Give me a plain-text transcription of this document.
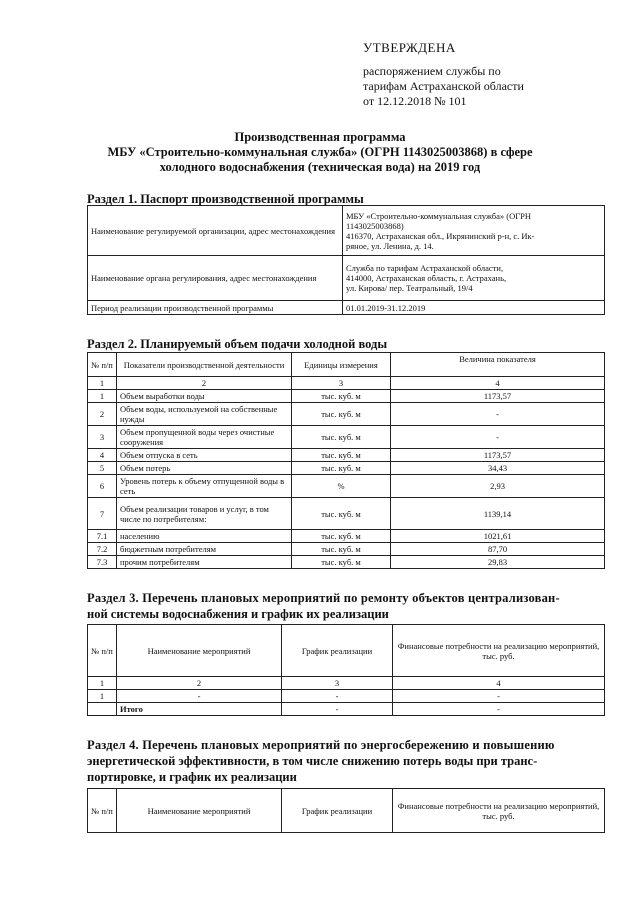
УТВЕРЖДЕНА
распоряжением службы по
тарифам Астраханской области
от 12.12.2018 № 101
Производственная программа
МБУ «Строительно-коммунальная служба» (ОГРН 1143025003868) в сфере
холодного водоснабжения (техническая вода) на 2019 год
Раздел 1. Паспорт производственной программы
Наименование регулируемой организации, адрес местонахождения	МБУ «Строительно-коммунальная служба» (ОГРН
1143025003868)
416370, Астраханская обл., Икрянинский р-н, с. Ик-
ряное, ул. Ленина, д. 14.

Наименование органа регулирования, адрес местонахождения	Служба по тарифам Астраханской области,
414000, Астраханская область, г. Астрахань,
ул. Кирова/ пер. Театральный, 19/4

Период реализации производственной программы	01.01.2019-31.12.2019
Раздел 2. Планируемый объем подачи холодной воды
№ п/п	Показатели производственной деятельности	Единицы измерения	Величина показателя
1	2	3	4
1	Объем выработки воды	тыс. куб. м	1173,57
2	Объем воды, используемой на собственные нужды	тыс. куб. м	-
3	Объем пропущенной воды через очистные сооружения	тыс. куб. м	-
4	Объем отпуска в сеть	тыс. куб. м	1173,57
5	Объем потерь	тыс. куб. м	34,43
6	Уровень потерь к объему отпущенной воды в сеть	%	2,93
7	Объем реализации товаров и услуг, в том числе по потребителям:	тыс. куб. м	1139,14
7.1	населению	тыс. куб. м	1021,61
7.2	бюджетным потребителям	тыс. куб. м	87,70
7.3	прочим потребителям	тыс. куб. м	29,83
Раздел 3. Перечень плановых мероприятий по ремонту объектов централизован-
ной системы водоснабжения и график их реализации
№ п/п	Наименование мероприятий	График реализации	Финансовые потребности на реализацию мероприятий, тыс. руб.
1	2	3	4
1	-	-	-
	Итого	-	-
Раздел 4. Перечень плановых мероприятий по энергосбережению и повышению
энергетической эффективности, в том числе снижению потерь воды при транс-
портировке, и график их реализации
№ п/п	Наименование мероприятий	График реализации	Финансовые потребности на реализацию мероприятий, тыс. руб.
